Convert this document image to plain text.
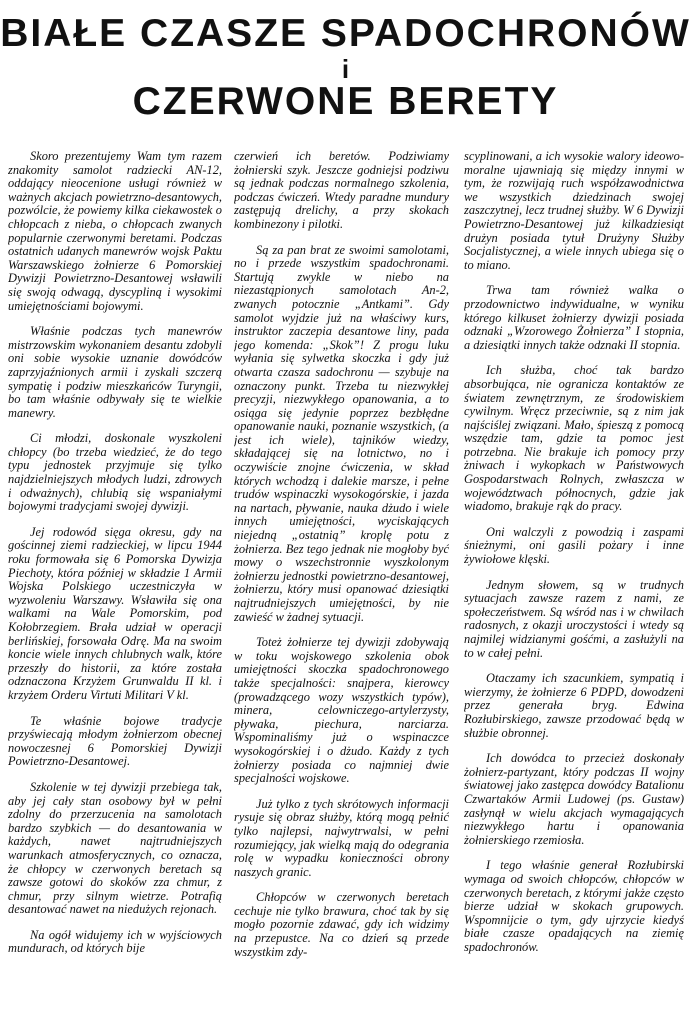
BIAŁE CZASZE SPADOCHRONÓW
i
CZERWONE BERETY

Skoro prezentujemy Wam tym razem znakomity samolot radziecki AN-12, oddający nieocenione usługi również w ważnych akcjach powietrzno-desantowych, pozwólcie, że powiemy kilka ciekawostek o chłopcach z nieba, o chłopcach zwanych popularnie czerwonymi beretami. Podczas ostatnich udanych manewrów wojsk Paktu Warszawskiego żołnierze 6 Pomorskiej Dywizji Powietrzno-Desantowej wsławili się swoją odwagą, dyscypliną i wysokimi umiejętnościami bojowymi.

Właśnie podczas tych manewrów mistrzowskim wykonaniem desantu zdobyli oni sobie wysokie uznanie dowódców zaprzyjaźnionych armii i zyskali szczerą sympatię i podziw mieszkańców Turyngii, bo tam właśnie odbywały się te wielkie manewry.

Ci młodzi, doskonale wyszkoleni chłopcy (bo trzeba wiedzieć, że do tego typu jednostek przyjmuje się tylko najdzielniejszych młodych ludzi, zdrowych i odważnych), chlubią się wspaniałymi bojowymi tradycjami swojej dywizji.

Jej rodowód sięga okresu, gdy na gościnnej ziemi radzieckiej, w lipcu 1944 roku formowała się 6 Pomorska Dywizja Piechoty, która później w składzie 1 Armii Wojska Polskiego uczestniczyła w wyzwoleniu Warszawy. Wsławiła się ona walkami na Wale Pomorskim, pod Kołobrzegiem. Brała udział w operacji berlińskiej, forsowała Odrę. Ma na swoim koncie wiele innych chlubnych walk, które przeszły do historii, za które została odznaczona Krzyżem Grunwaldu II kl. i krzyżem Orderu Virtuti Militari V kl.

Te właśnie bojowe tradycje przyświecają młodym żołnierzom obecnej nowoczesnej 6 Pomorskiej Dywizji Powietrzno-Desantowej.

Szkolenie w tej dywizji przebiega tak, aby jej cały stan osobowy był w pełni zdolny do przerzucenia na samolotach bardzo szybkich — do desantowania w każdych, nawet najtrudniejszych warunkach atmosferycznych, co oznacza, że chłopcy w czerwonych beretach są zawsze gotowi do skoków zza chmur, z chmur, przy silnym wietrze. Potrafią desantować nawet na niedużych rejonach.

Na ogół widujemy ich w wyjściowych mundurach, od których bije

czerwień ich beretów. Podziwiamy żołnierski szyk. Jeszcze godniejsi podziwu są jednak podczas normalnego szkolenia, podczas ćwiczeń. Wtedy paradne mundury zastępują drelichy, a przy skokach kombinezony i pilotki.

Są za pan brat ze swoimi samolotami, no i przede wszystkim spadochronami. Startują zwykle w niebo na niezastąpionych samolotach An-2, zwanych potocznie „Antkami”. Gdy samolot wyjdzie już na właściwy kurs, instruktor zaczepia desantowe liny, pada jego komenda: „Skok”! Z progu luku wyłania się sylwetka skoczka i gdy już otwarta czasza sadochronu — szybuje na oznaczony punkt. Trzeba tu niezwykłej precyzji, niezwykłego opanowania, a to osiąga się jedynie poprzez bezbłędne opanowanie nauki, poznanie wszystkich, (a jest ich wiele), tajników wiedzy, składającej się na lotnictwo, no i oczywiście znojne ćwiczenia, w skład których wchodzą i dalekie marsze, i pełne trudów wspinaczki wysokogórskie, i jazda na nartach, pływanie, nauka dżudo i wiele innych umiejętności, wyciskających niejedną „ostatnią” kroplę potu z żołnierza. Bez tego jednak nie mogłoby być mowy o wszechstronnie wyszkolonym żołnierzu jednostki powietrzno-desantowej, żołnierzu, który musi opanować dziesiątki najtrudniejszych umiejętności, by nie zawieść w żadnej sytuacji.

Toteż żołnierze tej dywizji zdobywają w toku wojskowego szkolenia obok umiejętności skoczka spadochronowego także specjalności: snajpera, kierowcy (prowadzącego wozy wszystkich typów), minera, celowniczego-artylerzysty, pływaka, piechura, narciarza. Wspominaliśmy już o wspinaczce wysokogórskiej i o dżudo. Każdy z tych żołnierzy posiada co najmniej dwie specjalności wojskowe.

Już tylko z tych skrótowych informacji rysuje się obraz służby, którą mogą pełnić tylko najlepsi, najwytrwalsi, w pełni rozumiejący, jak wielką mają do odegrania rolę w wypadku konieczności obrony naszych granic.

Chłopców w czerwonych beretach cechuje nie tylko brawura, choć tak by się mogło pozornie zdawać, gdy ich widzimy na przepustce. Na co dzień są przede wszystkim zdy-

scyplinowani, a ich wysokie walory ideowo-moralne ujawniają się między innymi w tym, że rozwijają ruch współzawodnictwa we wszystkich dziedzinach swojej zaszczytnej, lecz trudnej służby. W 6 Dywizji Powietrzno-Desantowej już kilkadziesiąt drużyn posiada tytuł Drużyny Służby Socjalistycznej, a wiele innych ubiega się o to miano.

Trwa tam również walka o przodownictwo indywidualne, w wyniku którego kilkuset żołnierzy dywizji posiada odznaki „Wzorowego Żołnierza” I stopnia, a dziesiątki innych także odznaki II stopnia.

Ich służba, choć tak bardzo absorbująca, nie ogranicza kontaktów ze światem zewnętrznym, ze środowiskiem cywilnym. Wręcz przeciwnie, są z nim jak najściślej związani. Mało, śpieszą z pomocą wszędzie tam, gdzie ta pomoc jest potrzebna. Nie brakuje ich pomocy przy żniwach i wykopkach w Państwowych Gospodarstwach Rolnych, zwłaszcza w województwach północnych, gdzie jak wiadomo, brakuje rąk do pracy.

Oni walczyli z powodzią i zaspami śnieżnymi, oni gasili pożary i inne żywiołowe klęski.

Jednym słowem, są w trudnych sytuacjach zawsze razem z nami, ze społeczeństwem. Są wśród nas i w chwilach radosnych, z okazji uroczystości i wtedy są najmilej widzianymi gośćmi, a zasłużyli na to w całej pełni.

Otaczamy ich szacunkiem, sympatią i wierzymy, że żołnierze 6 PDPD, dowodzeni przez generała bryg. Edwina Rozłubirskiego, zawsze przodować będą w służbie obronnej.

Ich dowódca to przecież doskonały żołnierz-partyzant, który podczas II wojny światowej jako zastępca dowódcy Batalionu Czwartaków Armii Ludowej (ps. Gustaw) zasłynął w wielu akcjach wymagających niezwykłego hartu i opanowania żołnierskiego rzemiosła.

I tego właśnie generał Rozłubirski wymaga od swoich chłopców, chłopców w czerwonych beretach, z którymi jakże często bierze udział w skokach grupowych. Wspomnijcie o tym, gdy ujrzycie kiedyś białe czasze opadających na ziemię spadochronów.
